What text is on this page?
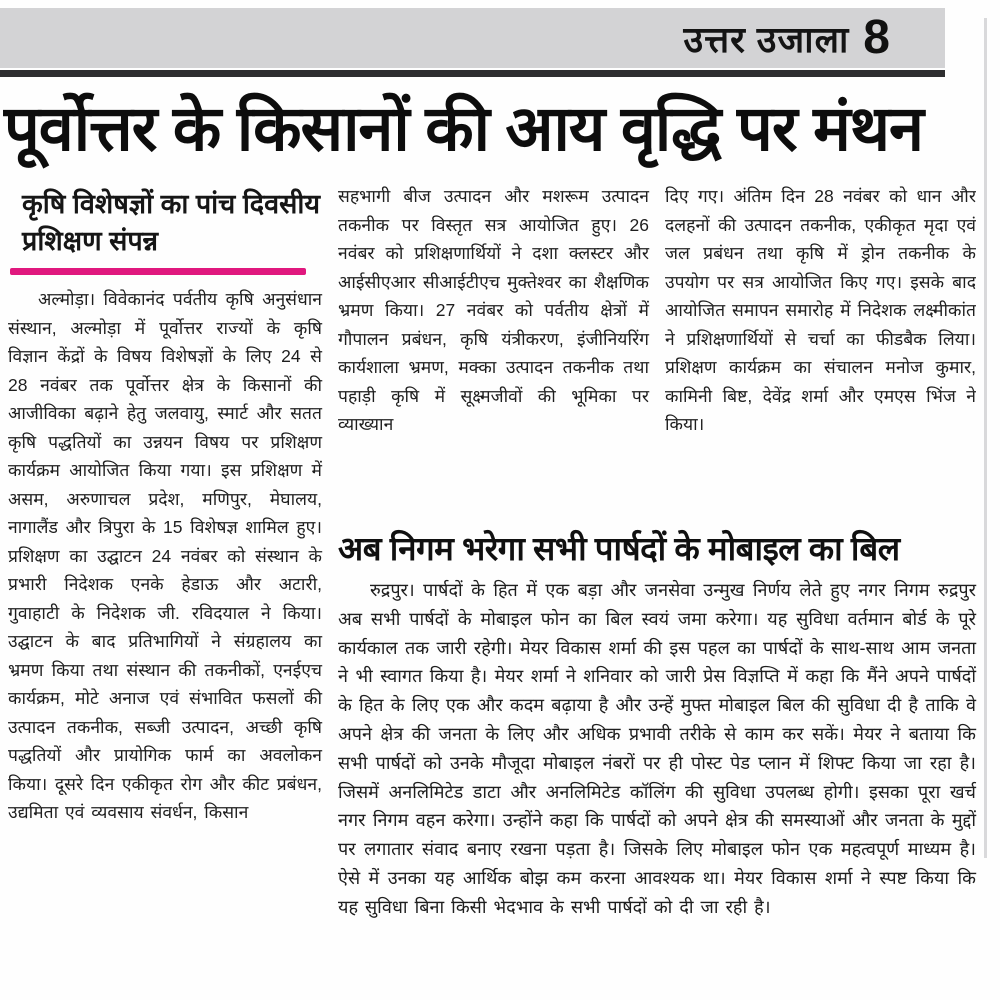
उत्तर उजाला 8
पूर्वोत्तर के किसानों की आय वृद्धि पर मंथन
कृषि विशेषज्ञों का पांच दिवसीय प्रशिक्षण संपन्न
अल्मोड़ा। विवेकानंद पर्वतीय कृषि अनुसंधान संस्थान, अल्मोड़ा में पूर्वोत्तर राज्यों के कृषि विज्ञान केंद्रों के विषय विशेषज्ञों के लिए 24 से 28 नवंबर तक पूर्वोत्तर क्षेत्र के किसानों की आजीविका बढ़ाने हेतु जलवायु, स्मार्ट और सतत कृषि पद्धतियों का उन्नयन विषय पर प्रशिक्षण कार्यक्रम आयोजित किया गया। इस प्रशिक्षण में असम, अरुणाचल प्रदेश, मणिपुर, मेघालय, नागालैंड और त्रिपुरा के 15 विशेषज्ञ शामिल हुए। प्रशिक्षण का उद्घाटन 24 नवंबर को संस्थान के प्रभारी निदेशक एनके हेडाऊ और अटारी, गुवाहाटी के निदेशक जी. रविदयाल ने किया। उद्घाटन के बाद प्रतिभागियों ने संग्रहालय का भ्रमण किया तथा संस्थान की तकनीकों, एनईएच कार्यक्रम, मोटे अनाज एवं संभावित फसलों की उत्पादन तकनीक, सब्जी उत्पादन, अच्छी कृषि पद्धतियों और प्रायोगिक फार्म का अवलोकन किया। दूसरे दिन एकीकृत रोग और कीट प्रबंधन, उद्यमिता एवं व्यवसाय संवर्धन, किसान
सहभागी बीज उत्पादन और मशरूम उत्पादन तकनीक पर विस्तृत सत्र आयोजित हुए। 26 नवंबर को प्रशिक्षणार्थियों ने दशा क्लस्टर और आईसीएआर सीआईटीएच मुक्तेश्वर का शैक्षणिक भ्रमण किया। 27 नवंबर को पर्वतीय क्षेत्रों में गौपालन प्रबंधन, कृषि यंत्रीकरण, इंजीनियरिंग कार्यशाला भ्रमण, मक्का उत्पादन तकनीक तथा पहाड़ी कृषि में सूक्ष्मजीवों की भूमिका पर व्याख्यान
दिए गए। अंतिम दिन 28 नवंबर को धान और दलहनों की उत्पादन तकनीक, एकीकृत मृदा एवं जल प्रबंधन तथा कृषि में ड्रोन तकनीक के उपयोग पर सत्र आयोजित किए गए। इसके बाद आयोजित समापन समारोह में निदेशक लक्ष्मीकांत ने प्रशिक्षणार्थियों से चर्चा का फीडबैक लिया। प्रशिक्षण कार्यक्रम का संचालन मनोज कुमार, कामिनी बिष्ट, देवेंद्र शर्मा और एमएस भिंज ने किया।
अब निगम भरेगा सभी पार्षदों के मोबाइल का बिल
रुद्रपुर। पार्षदों के हित में एक बड़ा और जनसेवा उन्मुख निर्णय लेते हुए नगर निगम रुद्रपुर अब सभी पार्षदों के मोबाइल फोन का बिल स्वयं जमा करेगा। यह सुविधा वर्तमान बोर्ड के पूरे कार्यकाल तक जारी रहेगी। मेयर विकास शर्मा की इस पहल का पार्षदों के साथ-साथ आम जनता ने भी स्वागत किया है। मेयर शर्मा ने शनिवार को जारी प्रेस विज्ञप्ति में कहा कि मैंने अपने पार्षदों के हित के लिए एक और कदम बढ़ाया है और उन्हें मुफ्त मोबाइल बिल की सुविधा दी है ताकि वे अपने क्षेत्र की जनता के लिए और अधिक प्रभावी तरीके से काम कर सकें। मेयर ने बताया कि सभी पार्षदों को उनके मौजूदा मोबाइल नंबरों पर ही पोस्ट पेड प्लान में शिफ्ट किया जा रहा है। जिसमें अनलिमिटेड डाटा और अनलिमिटेड कॉलिंग की सुविधा उपलब्ध होगी। इसका पूरा खर्च नगर निगम वहन करेगा। उन्होंने कहा कि पार्षदों को अपने क्षेत्र की समस्याओं और जनता के मुद्दों पर लगातार संवाद बनाए रखना पड़ता है। जिसके लिए मोबाइल फोन एक महत्वपूर्ण माध्यम है। ऐसे में उनका यह आर्थिक बोझ कम करना आवश्यक था। मेयर विकास शर्मा ने स्पष्ट किया कि यह सुविधा बिना किसी भेदभाव के सभी पार्षदों को दी जा रही है।
